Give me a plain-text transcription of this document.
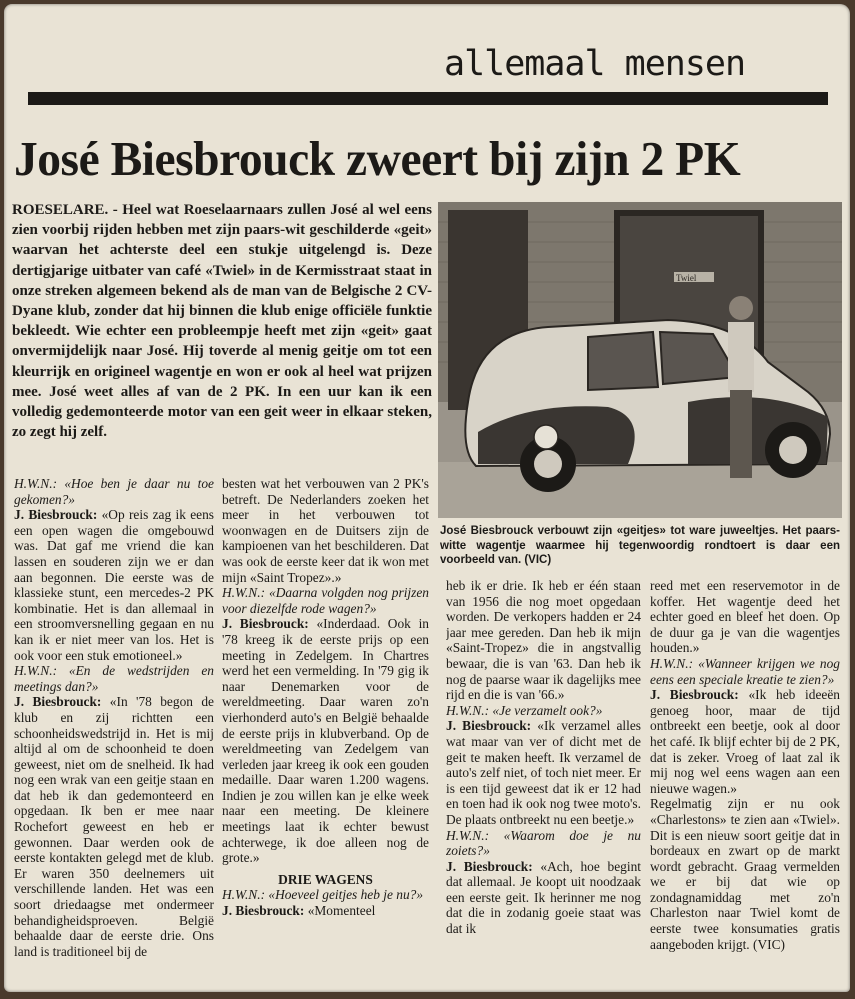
allemaal mensen
José Biesbrouck zweert bij zijn 2 PK
ROESELARE. - Heel wat Roeselaarnaars zullen José al wel eens zien voorbij rijden hebben met zijn paars-wit geschilderde «geit» waarvan het achterste deel een stukje uitgelengd is. Deze dertigjarige uitbater van café «Twiel» in de Kermisstraat staat in onze streken algemeen bekend als de man van de Belgische 2 CV-Dyane klub, zonder dat hij binnen die klub enige officiële funktie bekleedt. Wie echter een probleempje heeft met zijn «geit» gaat onvermijdelijk naar José. Hij toverde al menig geitje om tot een kleurrijk en origineel wagentje en won er ook al heel wat prijzen mee. José weet alles af van de 2 PK. In een uur kan ik een volledig gedemonteerde motor van een geit weer in elkaar steken, zo zegt hij zelf.
Twiel
José Biesbrouck verbouwt zijn «geitjes» tot ware juweeltjes. Het paars-witte wagentje waarmee hij tegenwoordig rondtoert is daar een voorbeeld van. (VIC)

H.W.N.: «Hoe ben je daar nu toe gekomen?»

J. Biesbrouck: «Op reis zag ik eens een open wagen die omgebouwd was. Dat gaf me vriend die kan lassen en souderen zijn we er dan aan begonnen. Die eerste was de klassieke stunt, een mercedes-2 PK kombinatie. Het is dan allemaal in een stroomversnelling gegaan en nu kan ik er niet meer van los. Het is ook voor een stuk emotioneel.»

H.W.N.: «En de wedstrijden en meetings dan?»

J. Biesbrouck: «In '78 begon de klub en zij richtten een schoonheidswedstrijd in. Het is mij altijd al om de schoonheid te doen geweest, niet om de snelheid. Ik had nog een wrak van een geitje staan en dat heb ik dan gedemonteerd en opgedaan. Ik ben er mee naar Rochefort geweest en heb er gewonnen. Daar werden ook de eerste kontakten gelegd met de klub. Er waren 350 deelnemers uit verschillende landen. Het was een soort driedaagse met ondermeer behandigheidsproeven. België behaalde daar de eerste drie. Ons land is traditioneel bij de

besten wat het verbouwen van 2 PK's betreft. De Nederlanders zoeken het meer in het verbouwen tot woonwagen en de Duitsers zijn de kampioenen van het beschilderen. Dat was ook de eerste keer dat ik won met mijn «Saint Tropez».»

H.W.N.: «Daarna volgden nog prijzen voor diezelfde rode wagen?»

J. Biesbrouck: «Inderdaad. Ook in '78 kreeg ik de eerste prijs op een meeting in Zedelgem. In Chartres werd het een vermelding. In '79 gig ik naar Denemarken voor de wereldmeeting. Daar waren zo'n vierhonderd auto's en België behaalde de eerste prijs in klubverband. Op de wereldmeeting van Zedelgem van verleden jaar kreeg ik ook een gouden medaille. Daar waren 1.200 wagens. Indien je zou willen kan je elke week naar een meeting. De kleinere meetings laat ik echter bewust achterwege, ik doe alleen nog de grote.»

DRIE WAGENS

H.W.N.: «Hoeveel geitjes heb je nu?»

J. Biesbrouck: «Momenteel

heb ik er drie. Ik heb er één staan van 1956 die nog moet opgedaan worden. De verkopers hadden er 24 jaar mee gereden. Dan heb ik mijn «Saint-Tropez» die in angstvallig bewaar, die is van '63. Dan heb ik nog de paarse waar ik dagelijks mee rijd en die is van '66.»

H.W.N.: «Je verzamelt ook?»

J. Biesbrouck: «Ik verzamel alles wat maar van ver of dicht met de geit te maken heeft. Ik verzamel de auto's zelf niet, of toch niet meer. Er is een tijd geweest dat ik er 12 had en toen had ik ook nog twee moto's. De plaats ontbreekt nu een beetje.»

H.W.N.: «Waarom doe je nu zoiets?»

J. Biesbrouck: «Ach, hoe begint dat allemaal. Je koopt uit noodzaak een eerste geit. Ik herinner me nog dat die in zodanig goeie staat was dat ik

reed met een reservemotor in de koffer. Het wagentje deed het echter goed en bleef het doen. Op de duur ga je van die wagentjes houden.»

H.W.N.: «Wanneer krijgen we nog eens een speciale kreatie te zien?»

J. Biesbrouck: «Ik heb ideeën genoeg hoor, maar de tijd ontbreekt een beetje, ook al door het café. Ik blijf echter bij de 2 PK, dat is zeker. Vroeg of laat zal ik mij nog wel eens wagen aan een nieuwe wagen.»

Regelmatig zijn er nu ook «Charlestons» te zien aan «Twiel». Dit is een nieuw soort geitje dat in bordeaux en zwart op de markt wordt gebracht. Graag vermelden we er bij dat wie op zondagnamiddag met zo'n Charleston naar Twiel komt de eerste twee konsumaties gratis aangeboden krijgt. (VIC)
